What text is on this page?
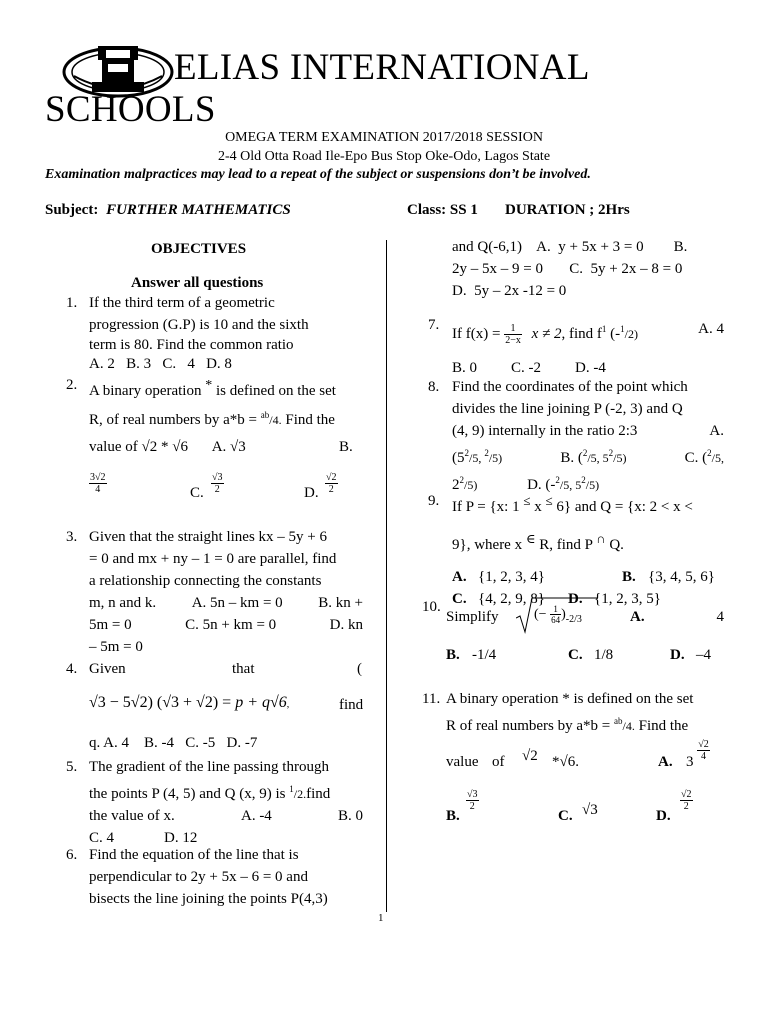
ELIAS INTERNATIONAL
SCHOOLS
OMEGA TERM EXAMINATION 2017/2018 SESSION
2-4 Old Otta Road Ile-Epo Bus Stop Oke-Odo, Lagos State
Examination malpractices may lead to a repeat of the subject or suspensions don’t be involved.
Subject: FURTHER MATHEMATICS	Class: SS 1 DURATION ; 2Hrs
OBJECTIVES
Answer all questions
1. If the third term of a geometric

progression (G.P) is 10 and the sixth

term is 80. Find the common ratio

A. 2   B. 3   C.   4   D. 8

2. A binary operation * is defined on the set

R, of real numbers by a*b = $^{ab}$/4. Find the

value of √2 * √6 A. √3	B.

$\frac{3√2}{4}$	C. $\frac{√3}{2}$	D. $\frac{√2}{2}$
3. Given that the straight lines kx – 5y + 6

= 0 and mx + ny – 1 = 0 are parallel, find

a relationship connecting the constants

m, n and k. A. 5n – km = 0 B. kn +

5m = 0	C. 5n + km = 0	D. kn

– 5m = 0

4. Given	that	(

√3 − 5√2) (√3 + √2) = p + q√6,	find

q. A. 4    B. -4   C. -5   D. -7

5. The gradient of the line passing through

the points P (4, 5) and Q (x, 9) is $^1$/2.find

the value of x.	A. -4	B. 0

C. 4	D. 12

6. Find the equation of the line that is

perpendicular to 2y + 5x – 6 = 0 and

bisects the line joining the points P(4,3)

and Q(-6,1)    A.  y + 5x + 3 = 0        B.

2y – 5x – 9 = 0       C.  5y + 2x – 8 = 0

D.  5y – 2x -12 = 0

7.

If $f(x) = \frac{1}{2-x}$ x ≠ 2, find $f^1$ (-$^1$/2)	A. 4

B. 0 C. -2 D. -4

8. Find the coordinates of the point which

divides the line joining P (-2, 3) and Q

(4, 9) internally in the ratio 2:3	A.

($5^2/5$, $^2$/5)	B. ($^2$/5, $5^2/5$)	C. ($^2$/5,

$2^2/5$)	D. (-$^2$/5, $5^2/5$)

9. If P = {x: 1 ≤ x ≤ 6} and Q = {x: 2 < x <

9}, where x ∈ R, find P ∩ Q.

A. {1, 2, 3, 4}	B. {3, 4, 5, 6}

C. {4, 2, 9, 8} D. {1, 2, 3, 5}

10.

Simplify	(− $\frac{1}{64} )_{-2/3}$	A.	4

B. -1/4	C. 1/8	D. –4

11. A binary operation * is defined on the set

R of real numbers by a*b = $^{ab}$/4. Find the

value of √2 *√6.	A. $3 \frac{√2}{4}$

B.
$\frac{√3}{2}$
C. √3	D.
$\frac{√2}{2}$

1
